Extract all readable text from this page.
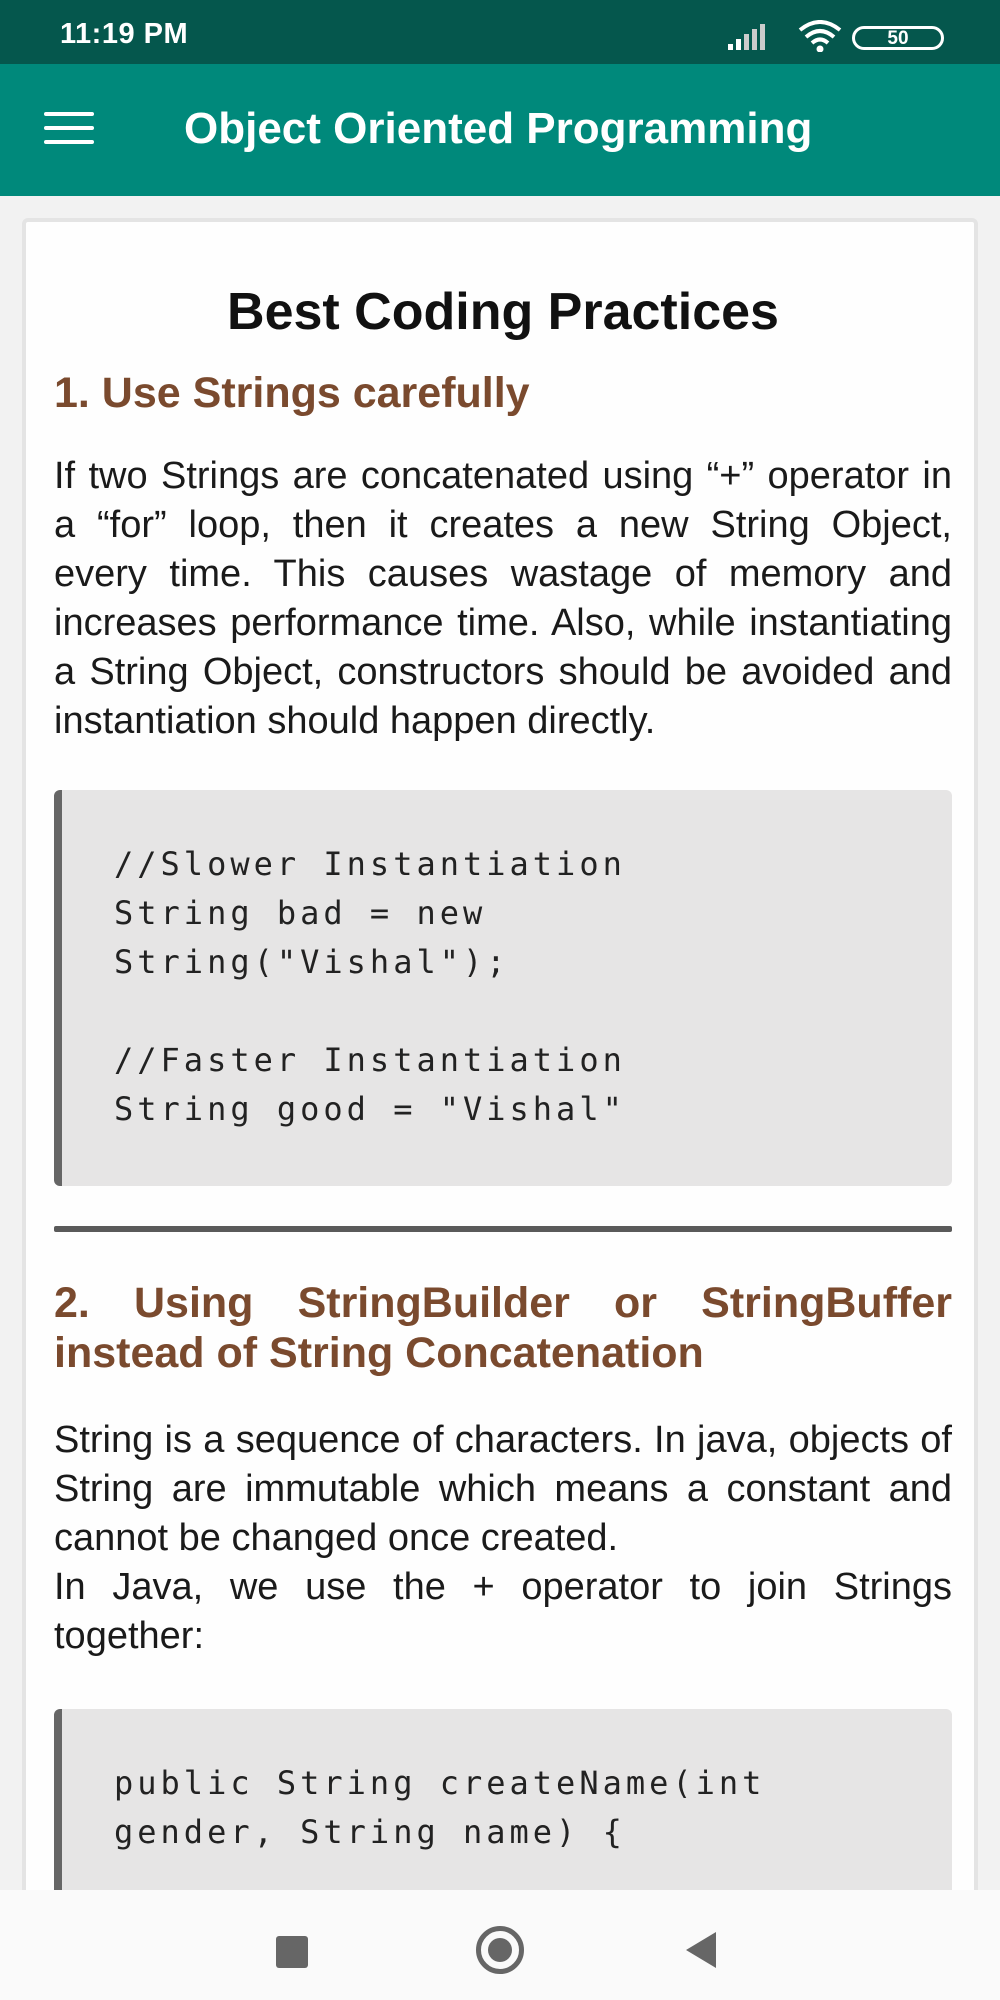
11:19 PM	50
Object Oriented Programming
Best Coding Practices
1. Use Strings carefully

If two Strings are concatenated using “+” operator in a “for” loop, then it creates a new String Object, every time. This causes wastage of memory and increases performance time. Also, while instantiating a String Object, constructors should be avoided and instantiation should happen directly.

//Slower Instantiation
String bad = new
String("Vishal");

//Faster Instantiation
String good = "Vishal"
2. Using StringBuilder or StringBuffer instead of String Concatenation

String is a sequence of characters. In java, objects of String are immutable which means a constant and cannot be changed once created.

In Java, we use the + operator to join Strings together:

public String createName(int
gender, String name) {
